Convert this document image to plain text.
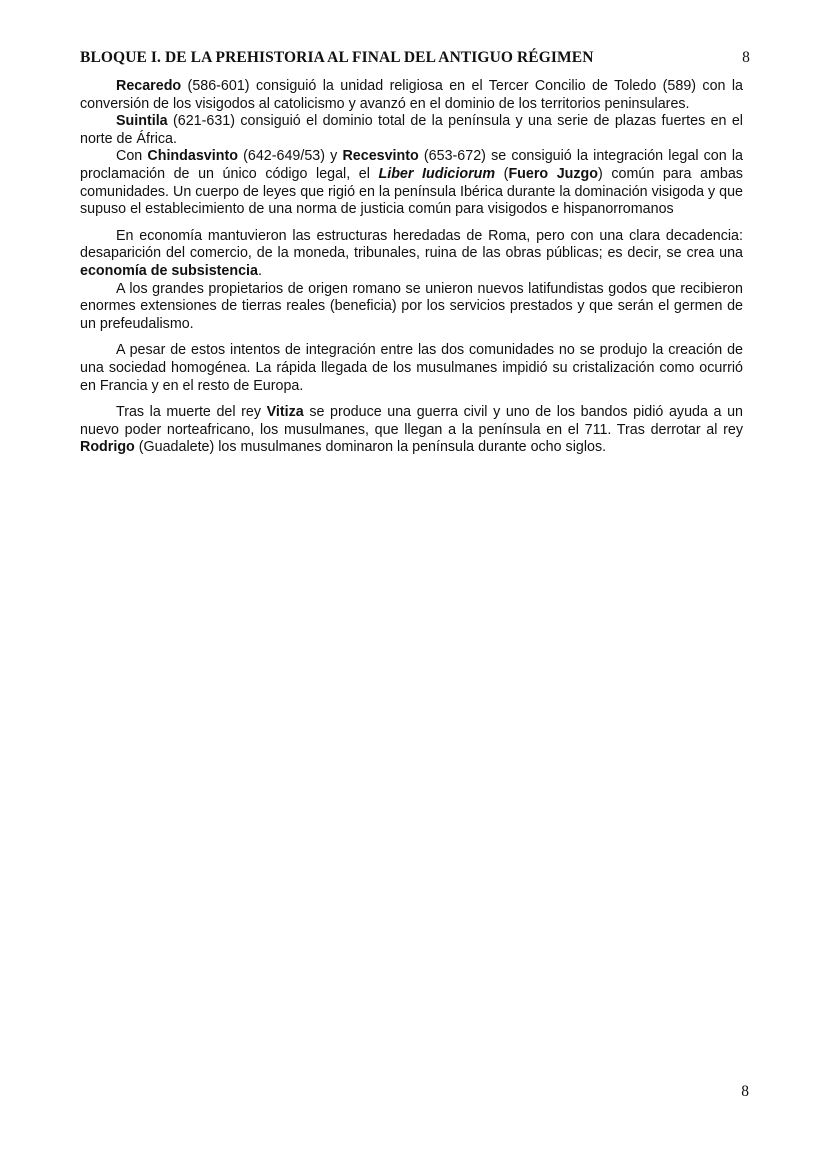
BLOQUE I. DE LA PREHISTORIA AL FINAL DEL ANTIGUO RÉGIMEN	8

Recaredo (586-601) consiguió la unidad religiosa en el Tercer Concilio de Toledo (589) con la conversión de los visigodos al catolicismo y avanzó en el dominio de los territorios peninsulares.

Suintila (621-631) consiguió el dominio total de la península y una serie de plazas fuertes en el norte de África.

Con Chindasvinto (642-649/53) y Recesvinto (653-672) se consiguió la integración legal con la proclamación de un único código legal, el Liber Iudiciorum (Fuero Juzgo) común para ambas comunidades. Un cuerpo de leyes que rigió en la península Ibérica durante la dominación visigoda y que supuso el establecimiento de una norma de justicia común para visigodos e hispanorromanos

En economía mantuvieron las estructuras heredadas de Roma, pero con una clara decadencia: desaparición del comercio, de la moneda, tribunales, ruina de las obras públicas; es decir, se crea una economía de subsistencia.

A los grandes propietarios de origen romano se unieron nuevos latifundistas godos que recibieron enormes extensiones de tierras reales (beneficia) por los servicios prestados y que serán el germen de un prefeudalismo.

A pesar de estos intentos de integración entre las dos comunidades no se produjo la creación de una sociedad homogénea. La rápida llegada de los musulmanes impidió su cristalización como ocurrió en Francia y en el resto de Europa.

Tras la muerte del rey Vitiza se produce una guerra civil y uno de los bandos pidió ayuda a un nuevo poder norteafricano, los musulmanes, que llegan a la península en el 711. Tras derrotar al rey Rodrigo (Guadalete) los musulmanes dominaron la península durante ocho siglos.

8
